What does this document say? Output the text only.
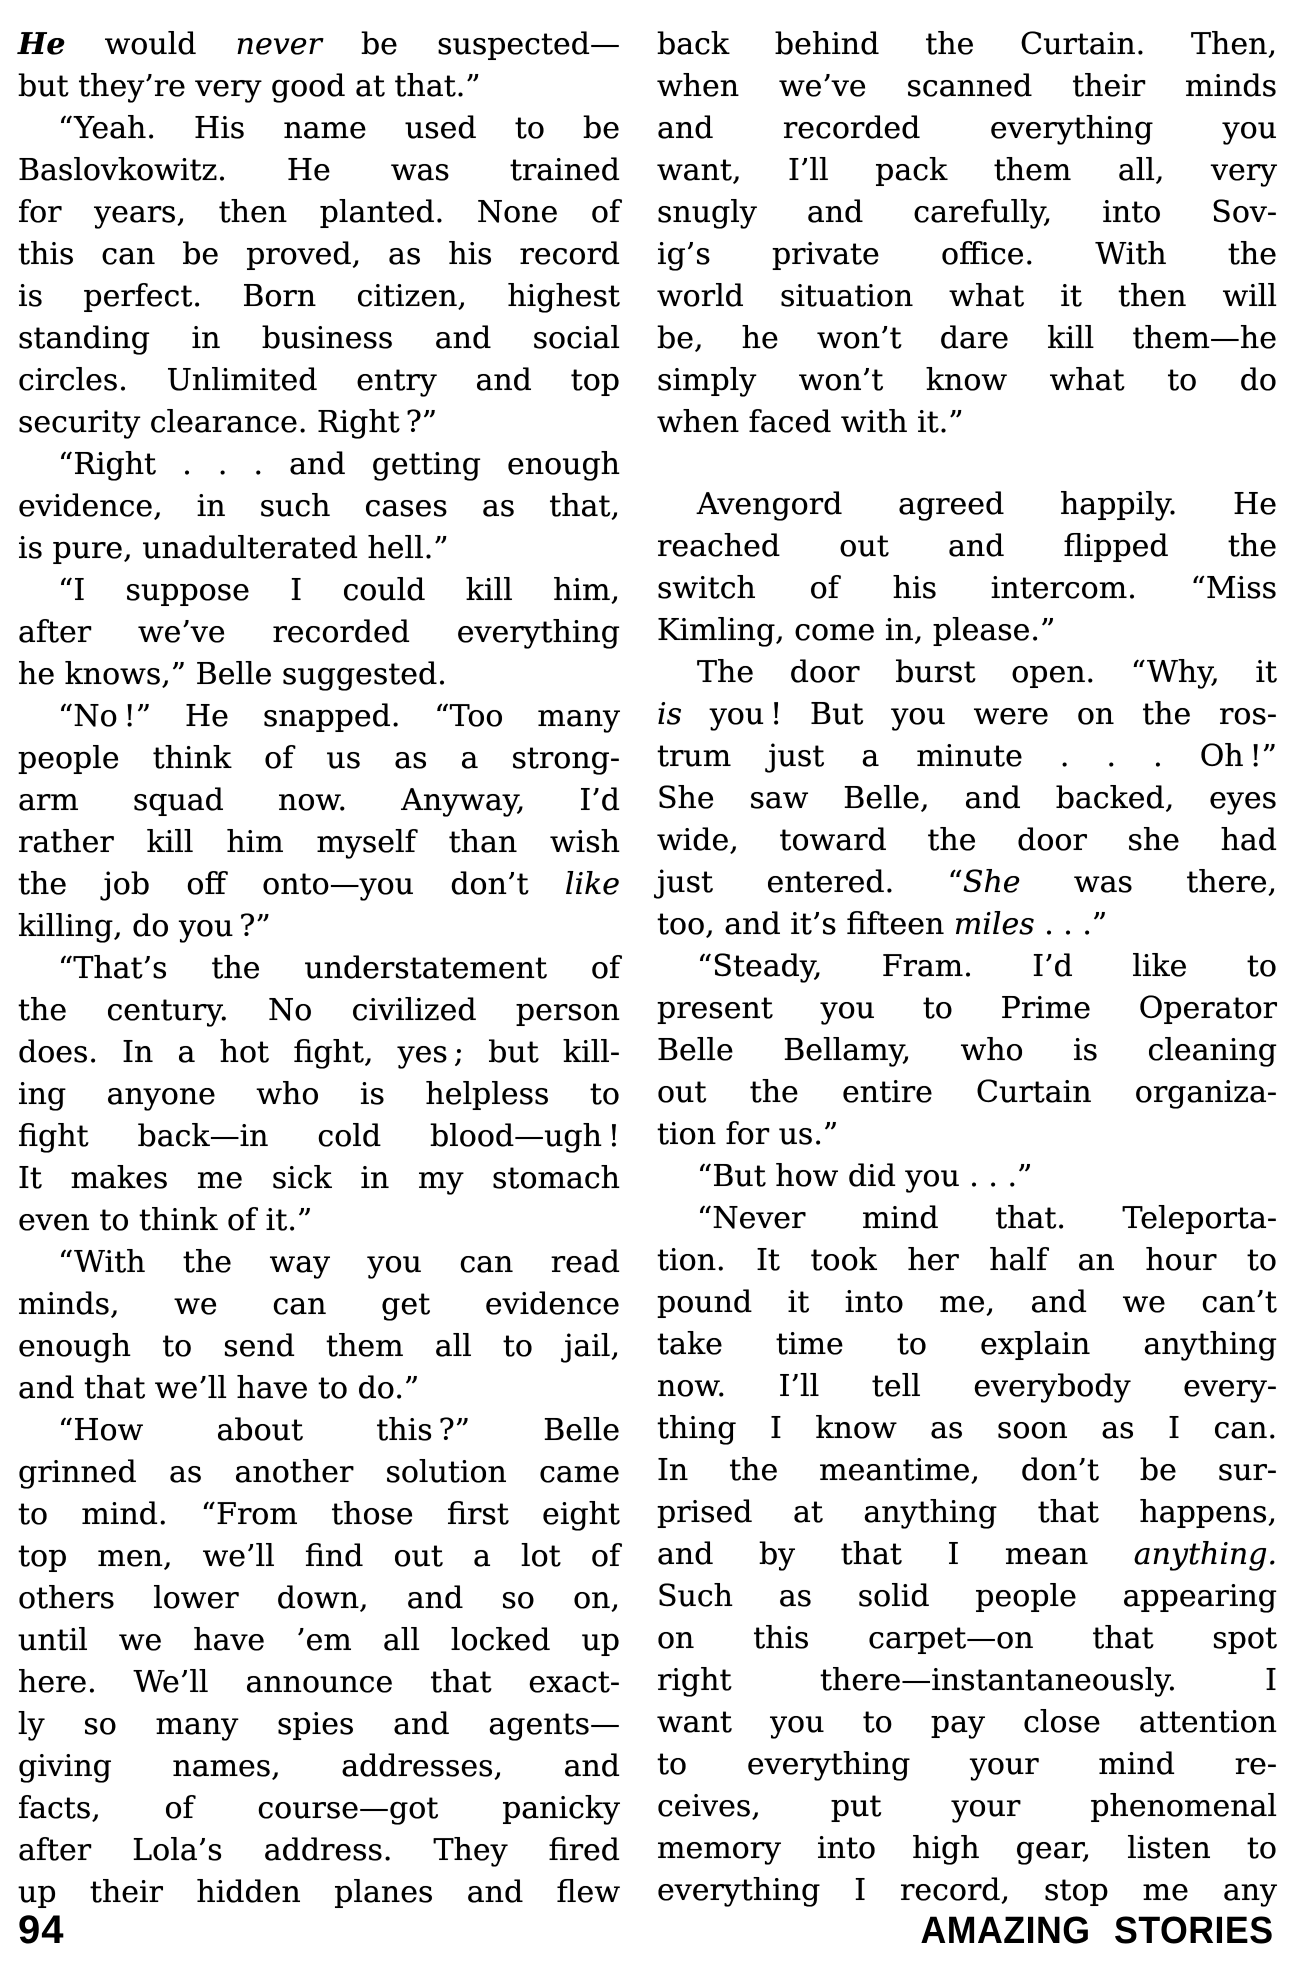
He would never be suspected—
but they’re very good at that.”
“Yeah. His name used to be
Baslovkowitz. He was trained
for years, then planted. None of
this can be proved, as his record
is perfect. Born citizen, highest
standing in business and social
circles. Unlimited entry and top
security clearance. Right ?”
“Right . . . and getting enough
evidence, in such cases as that,
is pure, unadulterated hell.”
“I suppose I could kill him,
after we’ve recorded everything
he knows,” Belle suggested.
“No !” He snapped. “Too many
people think of us as a strong-
arm squad now. Anyway, I’d
rather kill him myself than wish
the job off onto—you don’t like
killing, do you ?”
“That’s the understatement of
the century. No civilized person
does. In a hot fight, yes ; but kill-
ing anyone who is helpless to
fight back—in cold blood—ugh !
It makes me sick in my stomach
even to think of it.”
“With the way you can read
minds, we can get evidence
enough to send them all to jail,
and that we’ll have to do.”
“How about this ?” Belle
grinned as another solution came
to mind. “From those first eight
top men, we’ll find out a lot of
others lower down, and so on,
until we have ’em all locked up
here. We’ll announce that exact-
ly so many spies and agents—
giving names, addresses, and
facts, of course—got panicky
after Lola’s address. They fired
up their hidden planes and flew
back behind the Curtain. Then,
when we’ve scanned their minds
and recorded everything you
want, I’ll pack them all, very
snugly and carefully, into Sov-
ig’s private office. With the
world situation what it then will
be, he won’t dare kill them—he
simply won’t know what to do
when faced with it.”
Avengord agreed happily. He
reached out and flipped the
switch of his intercom. “Miss
Kimling, come in, please.”
The door burst open. “Why, it
is you ! But you were on the ros-
trum just a minute . . . Oh !”
She saw Belle, and backed, eyes
wide, toward the door she had
just entered. “She was there,
too, and it’s fifteen miles . . .”
“Steady, Fram. I’d like to
present you to Prime Operator
Belle Bellamy, who is cleaning
out the entire Curtain organiza-
tion for us.”
“But how did you . . .”
“Never mind that. Teleporta-
tion. It took her half an hour to
pound it into me, and we can’t
take time to explain anything
now. I’ll tell everybody every-
thing I know as soon as I can.
In the meantime, don’t be sur-
prised at anything that happens,
and by that I mean anything.
Such as solid people appearing
on this carpet—on that spot
right there—instantaneously. I
want you to pay close attention
to everything your mind re-
ceives, put your phenomenal
memory into high gear, listen to
everything I record, stop me any
94	AMAZING STORIES
